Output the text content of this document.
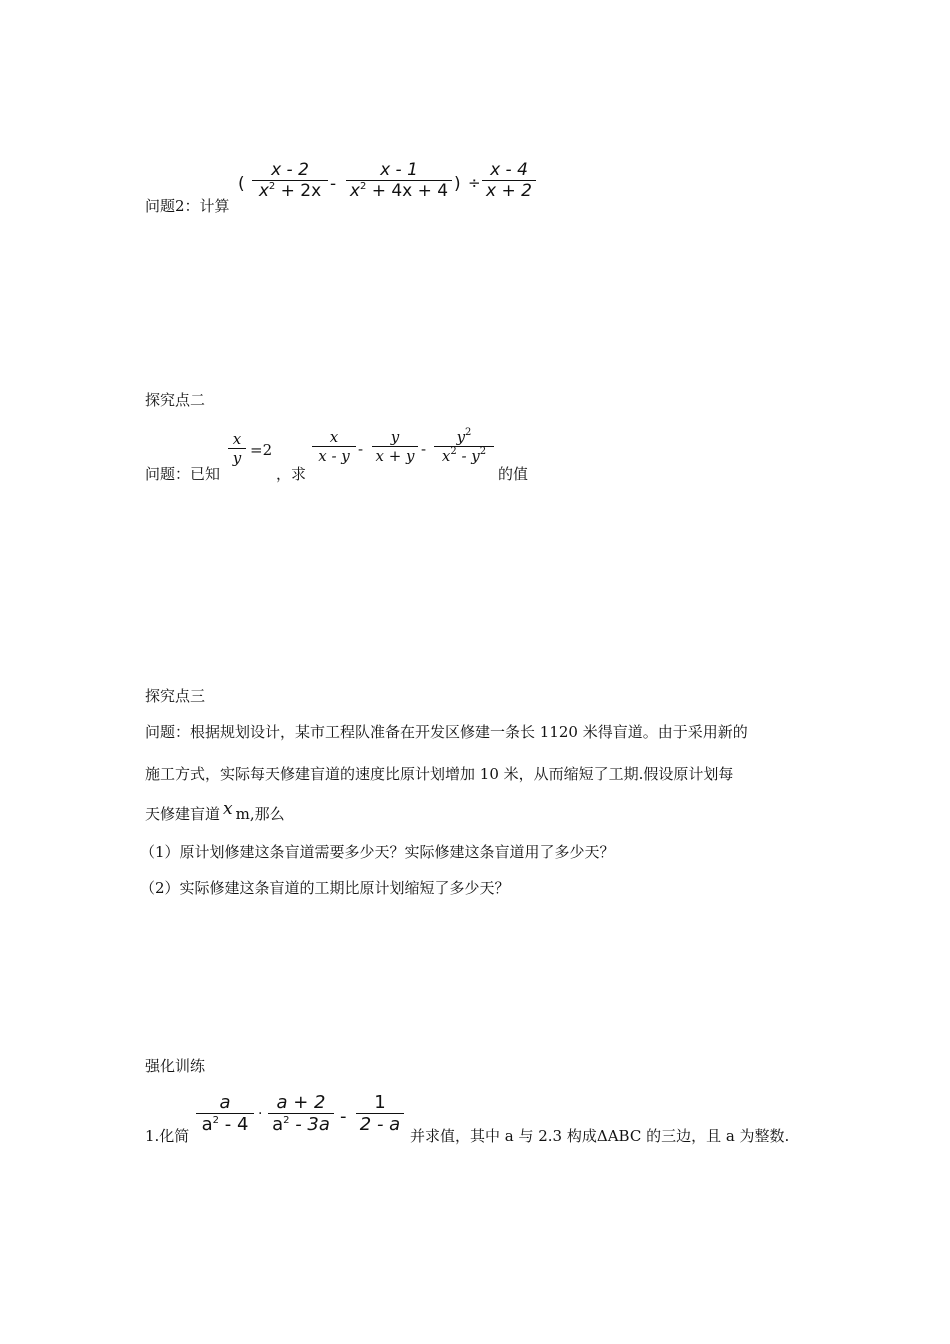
问题2：计算
(
x - 2
$x^2 + 2x$ -
x - 1
$x^2 + 4x + 4$ ) ÷
x - 4
x + 2
探究点二
问题：已知
x
y =2
，求
x
x - y -
y
x + y -
$y^2$
$x^2 - y^2$
的值
探究点三
问题：根据规划设计，某市工程队准备在开发区修建一条长 1120 米得盲道。由于采用新的
施工方式，实际每天修建盲道的速度比原计划增加 10 米，从而缩短了工期.假设原计划每
天修建盲道 x m,那么
（1）原计划修建这条盲道需要多少天？实际修建这条盲道用了多少天？
（2）实际修建这条盲道的工期比原计划缩短了多少天？
强化训练
1.化简
a
$a^2 - 4$ ·
a + 2
$a^2 - 3a$ -
1
2 - a
并求值，其中 a 与 2.3 构成ΔABC 的三边，且 a 为整数.
